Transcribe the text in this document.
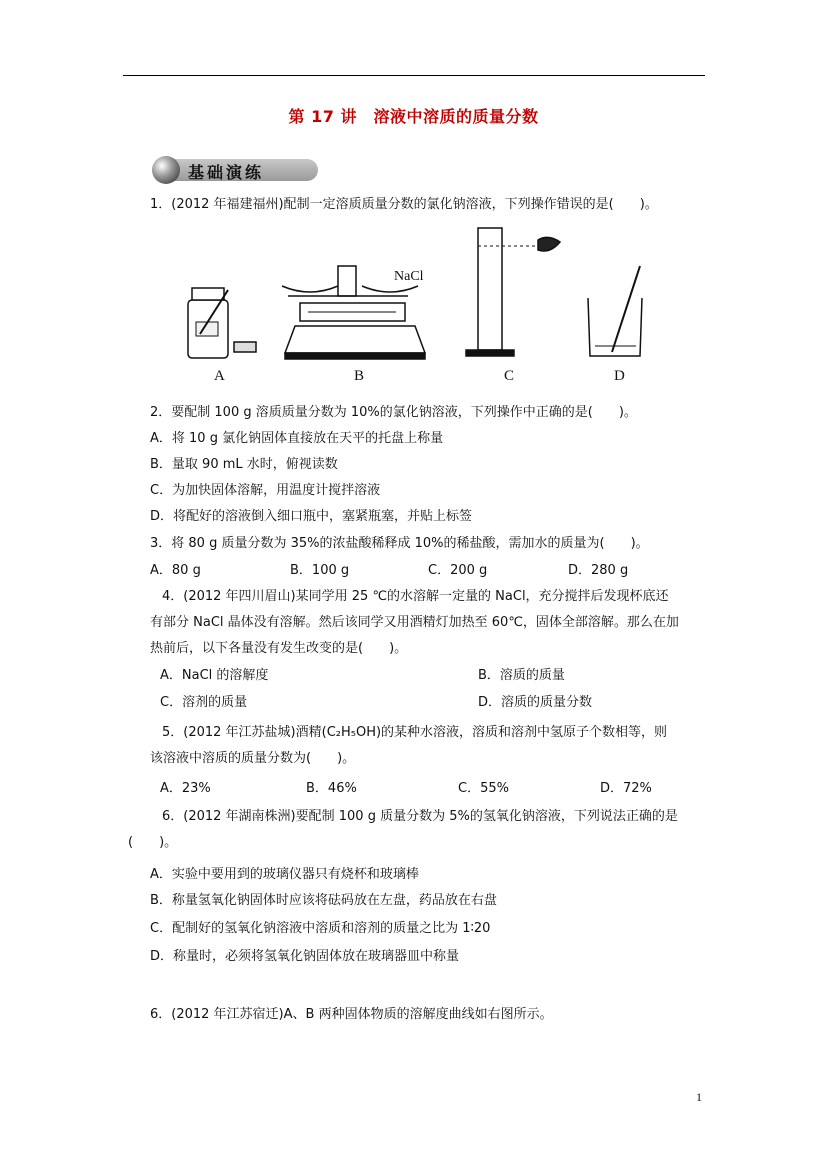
第 17 讲　溶液中溶质的质量分数
基础演练
1．(2012 年福建福州)配制一定溶质质量分数的氯化钠溶液，下列操作错误的是(　　)。
NaCl
A	B	C	D
2．要配制 100 g 溶质质量分数为 10%的氯化钠溶液，下列操作中正确的是(　　)。
A．将 10 g 氯化钠固体直接放在天平的托盘上称量
B．量取 90 mL 水时，俯视读数
C．为加快固体溶解，用温度计搅拌溶液
D．将配好的溶液倒入细口瓶中，塞紧瓶塞，并贴上标签
3．将 80 g 质量分数为 35%的浓盐酸稀释成 10%的稀盐酸，需加水的质量为(　　)。
A．80 g	B．100 g	C．200 g	D．280 g
4．(2012 年四川眉山)某同学用 25 ℃的水溶解一定量的 NaCl，充分搅拌后发现杯底还
有部分 NaCl 晶体没有溶解。然后该同学又用酒精灯加热至 60℃，固体全部溶解。那么在加
热前后，以下各量没有发生改变的是(　　)。
A．NaCl 的溶解度	B．溶质的质量
C．溶剂的质量	D．溶质的质量分数
5．(2012 年江苏盐城)酒精(C₂H₅OH)的某种水溶液，溶质和溶剂中氢原子个数相等，则
该溶液中溶质的质量分数为(　　)。
A．23%	B．46%	C．55%	D．72%
6．(2012 年湖南株洲)要配制 100 g 质量分数为 5%的氢氧化钠溶液，下列说法正确的是
(　　)。
A．实验中要用到的玻璃仪器只有烧杯和玻璃棒
B．称量氢氧化钠固体时应该将砝码放在左盘，药品放在右盘
C．配制好的氢氧化钠溶液中溶质和溶剂的质量之比为 1∶20
D．称量时，必须将氢氧化钠固体放在玻璃器皿中称量
6．(2012 年江苏宿迁)A、B 两种固体物质的溶解度曲线如右图所示。
1
